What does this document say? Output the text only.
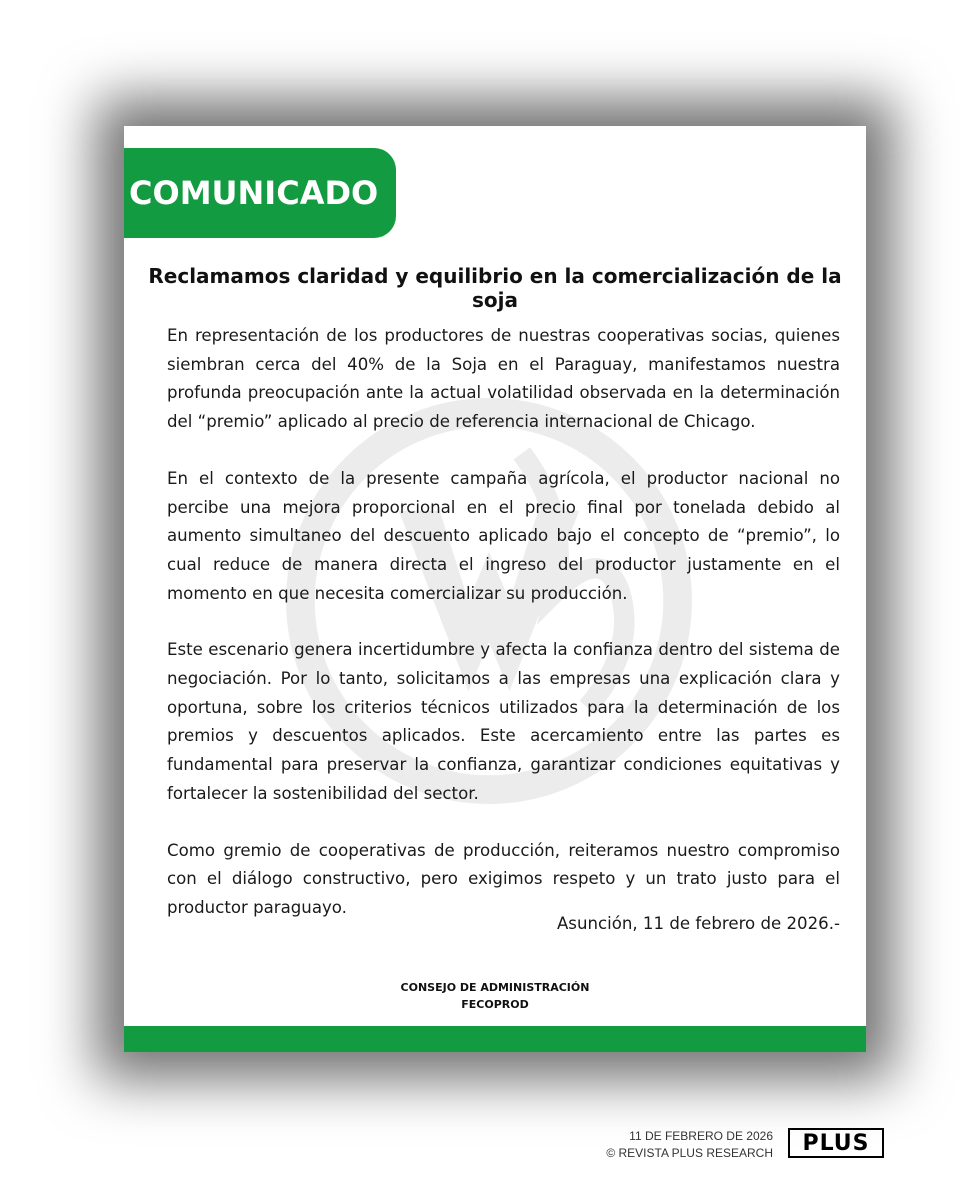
COMUNICADO
Reclamamos claridad y equilibrio en la comercialización de la soja

En representación de los productores de nuestras cooperativas socias, quienes siembran cerca del 40% de la Soja en el Paraguay, manifestamos nuestra profunda preocupación ante la actual volatilidad observada en la determinación del “premio” aplicado al precio de referencia internacional de Chicago.

En el contexto de la presente campaña agrícola, el productor nacional no percibe una mejora proporcional en el precio final por tonelada debido al aumento simultaneo del descuento aplicado bajo el concepto de “premio”, lo cual reduce de manera directa el ingreso del productor justamente en el momento en que necesita comercializar su producción.

Este escenario genera incertidumbre y afecta la confianza dentro del sistema de negociación. Por lo tanto, solicitamos a las empresas una explicación clara y oportuna, sobre los criterios técnicos utilizados para la determinación de los premios y descuentos aplicados. Este acercamiento entre las partes es fundamental para preservar la confianza, garantizar condiciones equitativas y fortalecer la sostenibilidad del sector.

Como gremio de cooperativas de producción, reiteramos nuestro compromiso con el diálogo constructivo, pero exigimos respeto y un trato justo para el productor paraguayo.

Asunción, 11 de febrero de 2026.-
CONSEJO DE ADMINISTRACIÓN
FECOPROD
11 DE FEBRERO DE 2026
© REVISTA PLUS RESEARCH	PLUS
